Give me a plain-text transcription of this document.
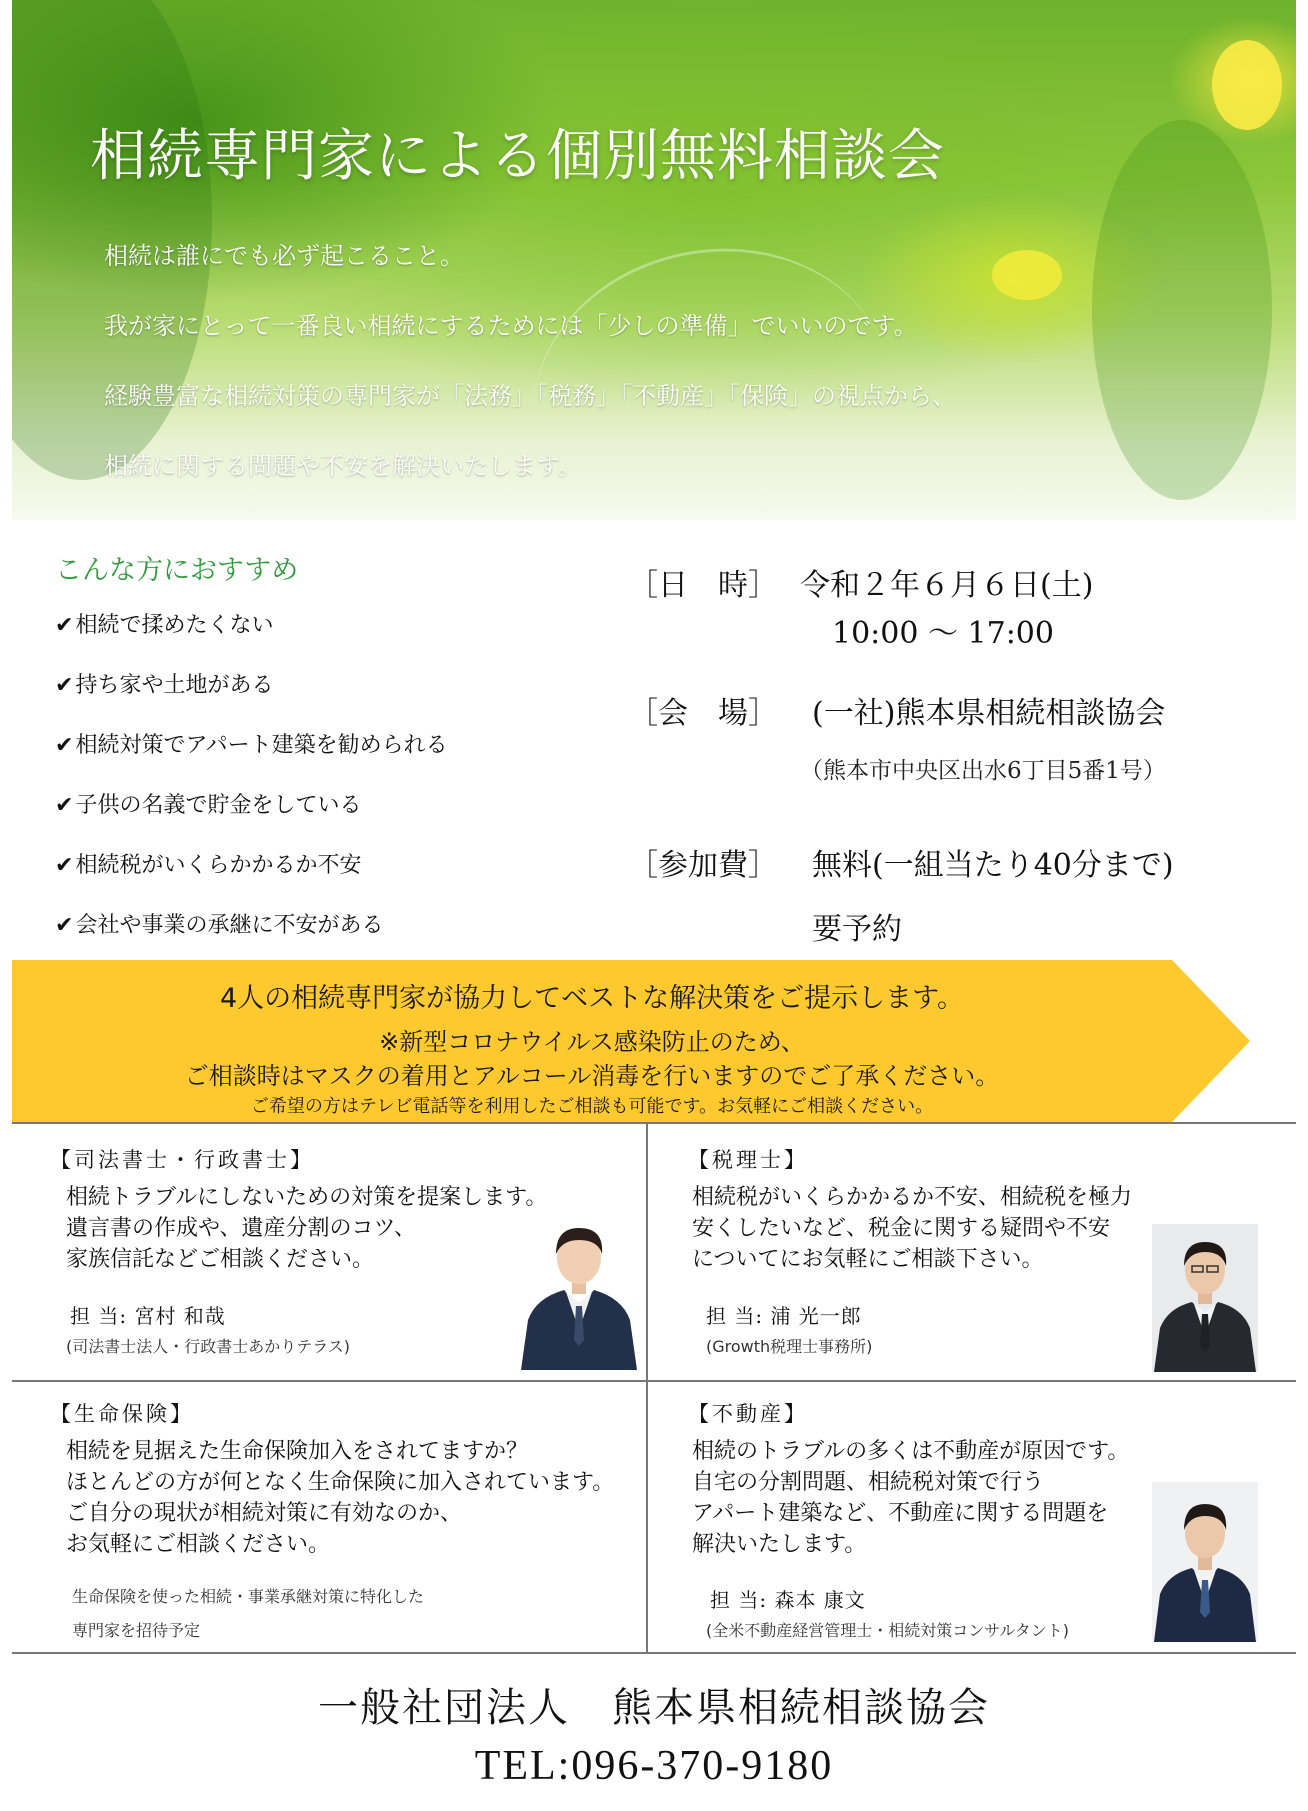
相続専門家による個別無料相談会

相続は誰にでも必ず起こること。

我が家にとって一番良い相続にするためには「少しの準備」でいいのです。

経験豊富な相続対策の専門家が「法務」「税務」「不動産」「保険」の視点から、

相続に関する問題や不安を解決いたします。

こんな方におすすめ
✔相続で揉めたくない
✔持ち家や土地がある
✔相続対策でアパート建築を勧められる
✔子供の名義で貯金をしている
✔相続税がいくらかかるか不安
✔会社や事業の承継に不安がある
［日　時］ 令和２年６月６日(土)
10:00 ～ 17:00
［会　場］ (一社)熊本県相続相談協会
（熊本市中央区出水6丁目5番1号）
［参加費］ 無料(一組当たり40分まで)
要予約
4人の相続専門家が協力してベストな解決策をご提示します。
※新型コロナウイルス感染防止のため、
ご相談時はマスクの着用とアルコール消毒を行いますのでご了承ください。
ご希望の方はテレビ電話等を利用したご相談も可能です。お気軽にご相談ください。
【司法書士・行政書士】
相続トラブルにしないための対策を提案します。
遺言書の作成や、遺産分割のコツ、
家族信託などご相談ください。
担 当: 宮村 和哉
(司法書士法人・行政書士あかりテラス)
【税理士】
相続税がいくらかかるか不安、相続税を極力
安くしたいなど、税金に関する疑問や不安
についてにお気軽にご相談下さい。
担 当: 浦 光一郎
(Growth税理士事務所)
【生命保険】
相続を見据えた生命保険加入をされてますか？
ほとんどの方が何となく生命保険に加入されています。
ご自分の現状が相続対策に有効なのか、
お気軽にご相談ください。
生命保険を使った相続・事業承継対策に特化した
専門家を招待予定
【不動産】
相続のトラブルの多くは不動産が原因です。
自宅の分割問題、相続税対策で行う
アパート建築など、不動産に関する問題を
解決いたします。
担 当: 森本 康文
(全米不動産経営管理士・相続対策コンサルタント)
一般社団法人　熊本県相続相談協会
TEL:096-370-9180
